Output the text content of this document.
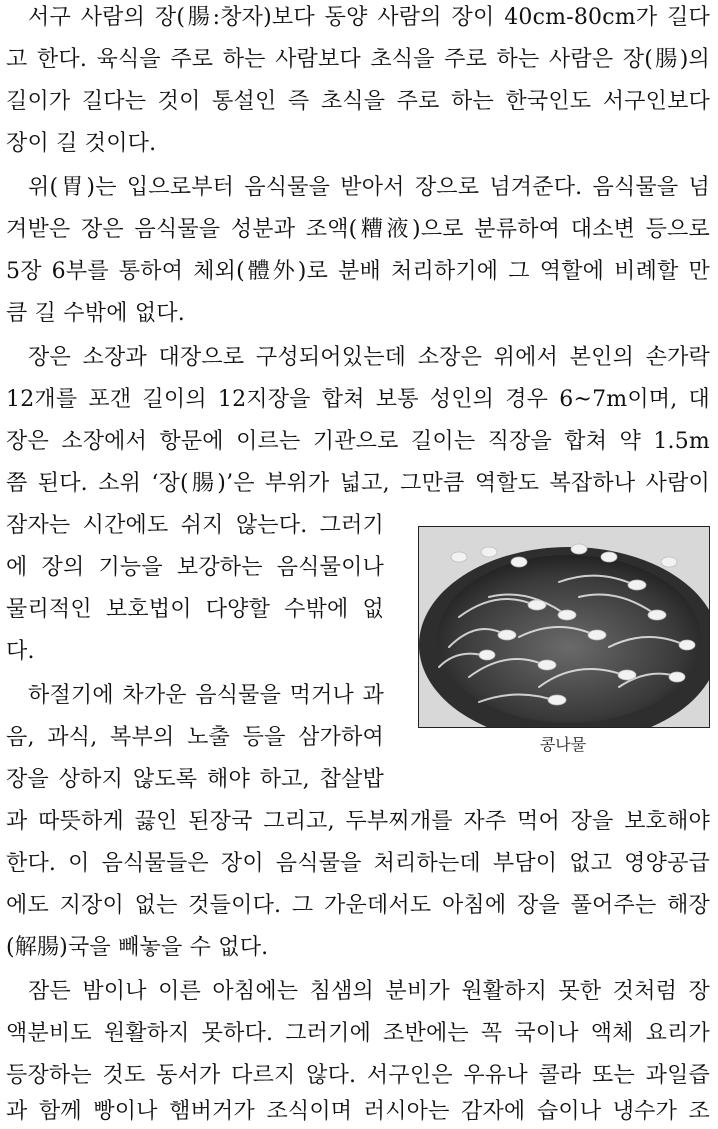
서구 사람의 장(腸:창자)보다 동양 사람의 장이 40cm-80cm가 길다
고 한다. 육식을 주로 하는 사람보다 초식을 주로 하는 사람은 장(腸)의
길이가 길다는 것이 통설인 즉 초식을 주로 하는 한국인도 서구인보다
장이 길 것이다.
위(胃)는 입으로부터 음식물을 받아서 장으로 넘겨준다. 음식물을 넘
겨받은 장은 음식물을 성분과 조액(糟液)으로 분류하여 대소변 등으로
5장 6부를 통하여 체외(體外)로 분배 처리하기에 그 역할에 비례할 만
큼 길 수밖에 없다.
장은 소장과 대장으로 구성되어있는데 소장은 위에서 본인의 손가락
12개를 포갠 길이의 12지장을 합쳐 보통 성인의 경우 6~7m이며, 대
장은 소장에서 항문에 이르는 기관으로 길이는 직장을 합쳐 약 1.5m
쯤 된다. 소위 ‘장(腸)’은 부위가 넓고, 그만큼 역할도 복잡하나 사람이
잠자는 시간에도 쉬지 않는다. 그러기
에 장의 기능을 보강하는 음식물이나
물리적인 보호법이 다양할 수밖에 없
다.
하절기에 차가운 음식물을 먹거나 과
음, 과식, 복부의 노출 등을 삼가하여
장을 상하지 않도록 해야 하고, 찹살밥
과 따뜻하게 끓인 된장국 그리고, 두부찌개를 자주 먹어 장을 보호해야
한다. 이 음식물들은 장이 음식물을 처리하는데 부담이 없고 영양공급
에도 지장이 없는 것들이다. 그 가운데서도 아침에 장을 풀어주는 해장
(解腸)국을 빼놓을 수 없다.
잠든 밤이나 이른 아침에는 침샘의 분비가 원활하지 못한 것처럼 장
액분비도 원활하지 못하다. 그러기에 조반에는 꼭 국이나 액체 요리가
등장하는 것도 동서가 다르지 않다. 서구인은 우유나 콜라 또는 과일즙
과 함께 빵이나 햄버거가 조식이며 러시아는 감자에 습이나 냉수가 조
콩나물
